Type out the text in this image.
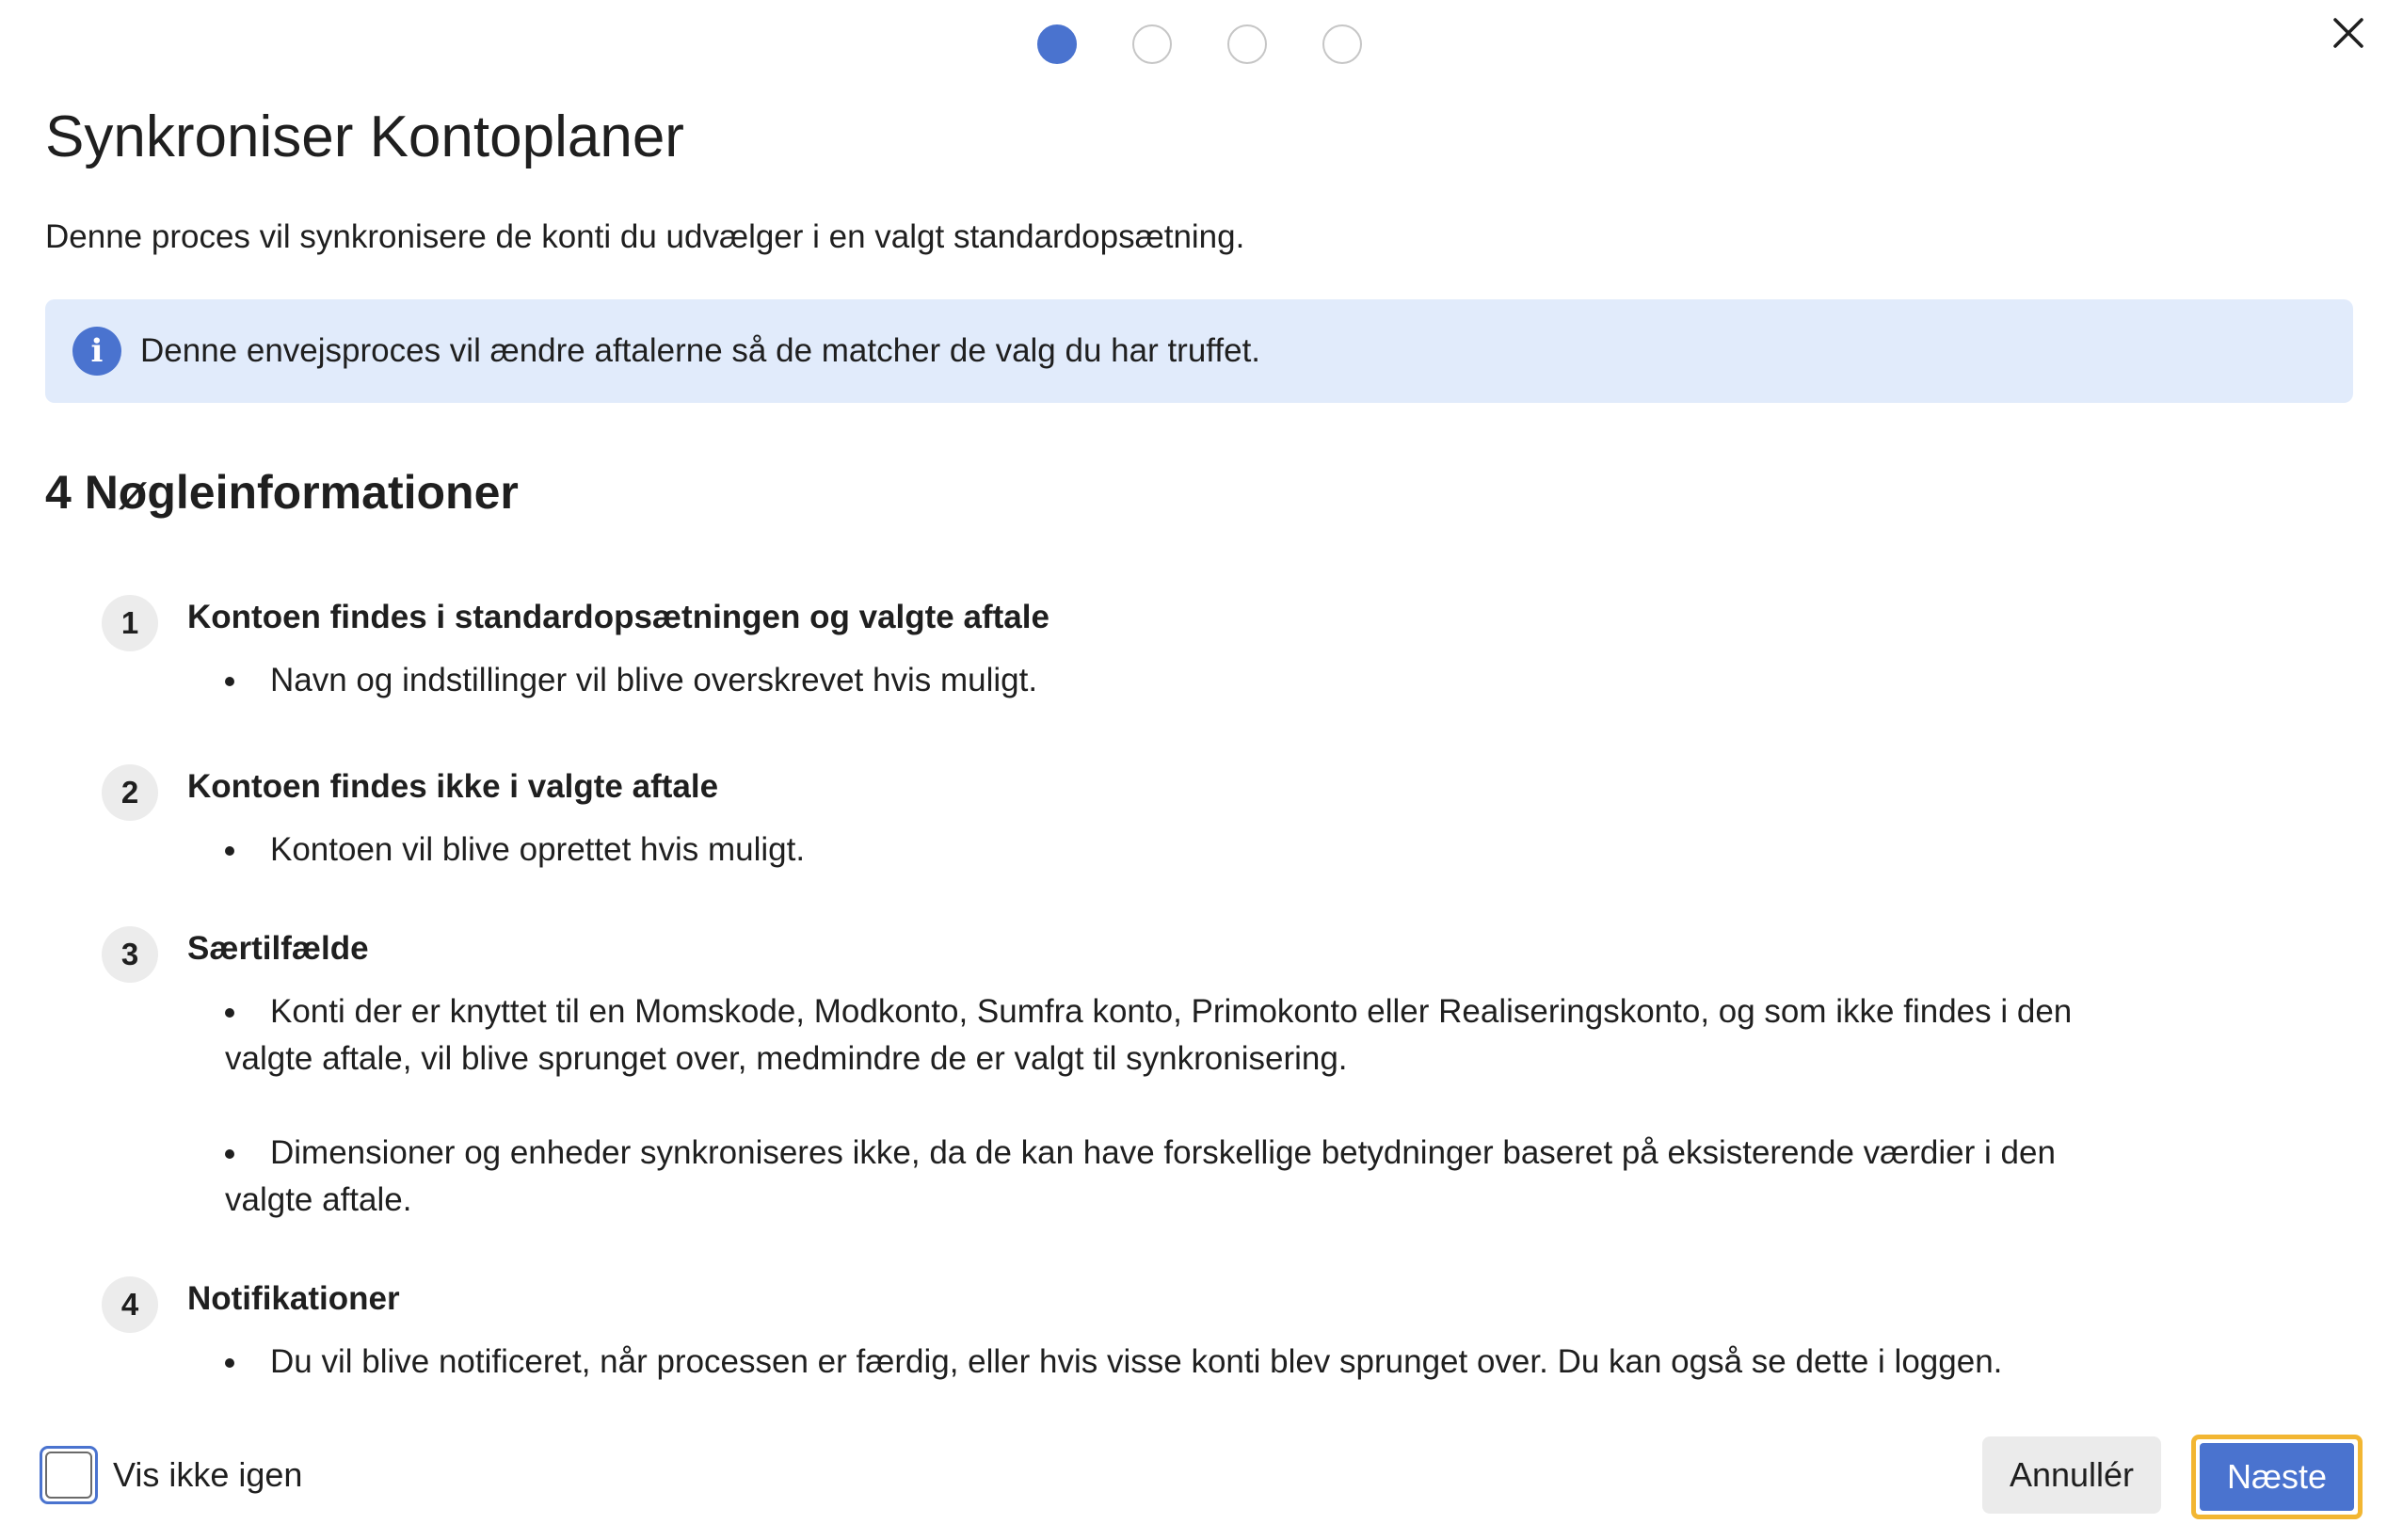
Synkroniser Kontoplaner

Denne proces vil synkronisere de konti du udvælger i en valgt standardopsætning.

i	Denne envejsproces vil ændre aftalerne så de matcher de valg du har truffet.
4 Nøgleinformationer
1	Kontoen findes i standardopsætningen og valgte aftale
Navn og indstillinger vil blive overskrevet hvis muligt.
2	Kontoen findes ikke i valgte aftale
Kontoen vil blive oprettet hvis muligt.
3	Særtilfælde
Konti der er knyttet til en Momskode, Modkonto, Sumfra konto, Primokonto eller Realiseringskonto, og som ikke findes i den valgte aftale, vil blive sprunget over, medmindre de er valgt til synkronisering.
Dimensioner og enheder synkroniseres ikke, da de kan have forskellige betydninger baseret på eksisterende værdier i den valgte aftale.
4	Notifikationer
Du vil blive notificeret, når processen er færdig, eller hvis visse konti blev sprunget over. Du kan også se dette i loggen.
Vis ikke igen	Annullér	Næste
